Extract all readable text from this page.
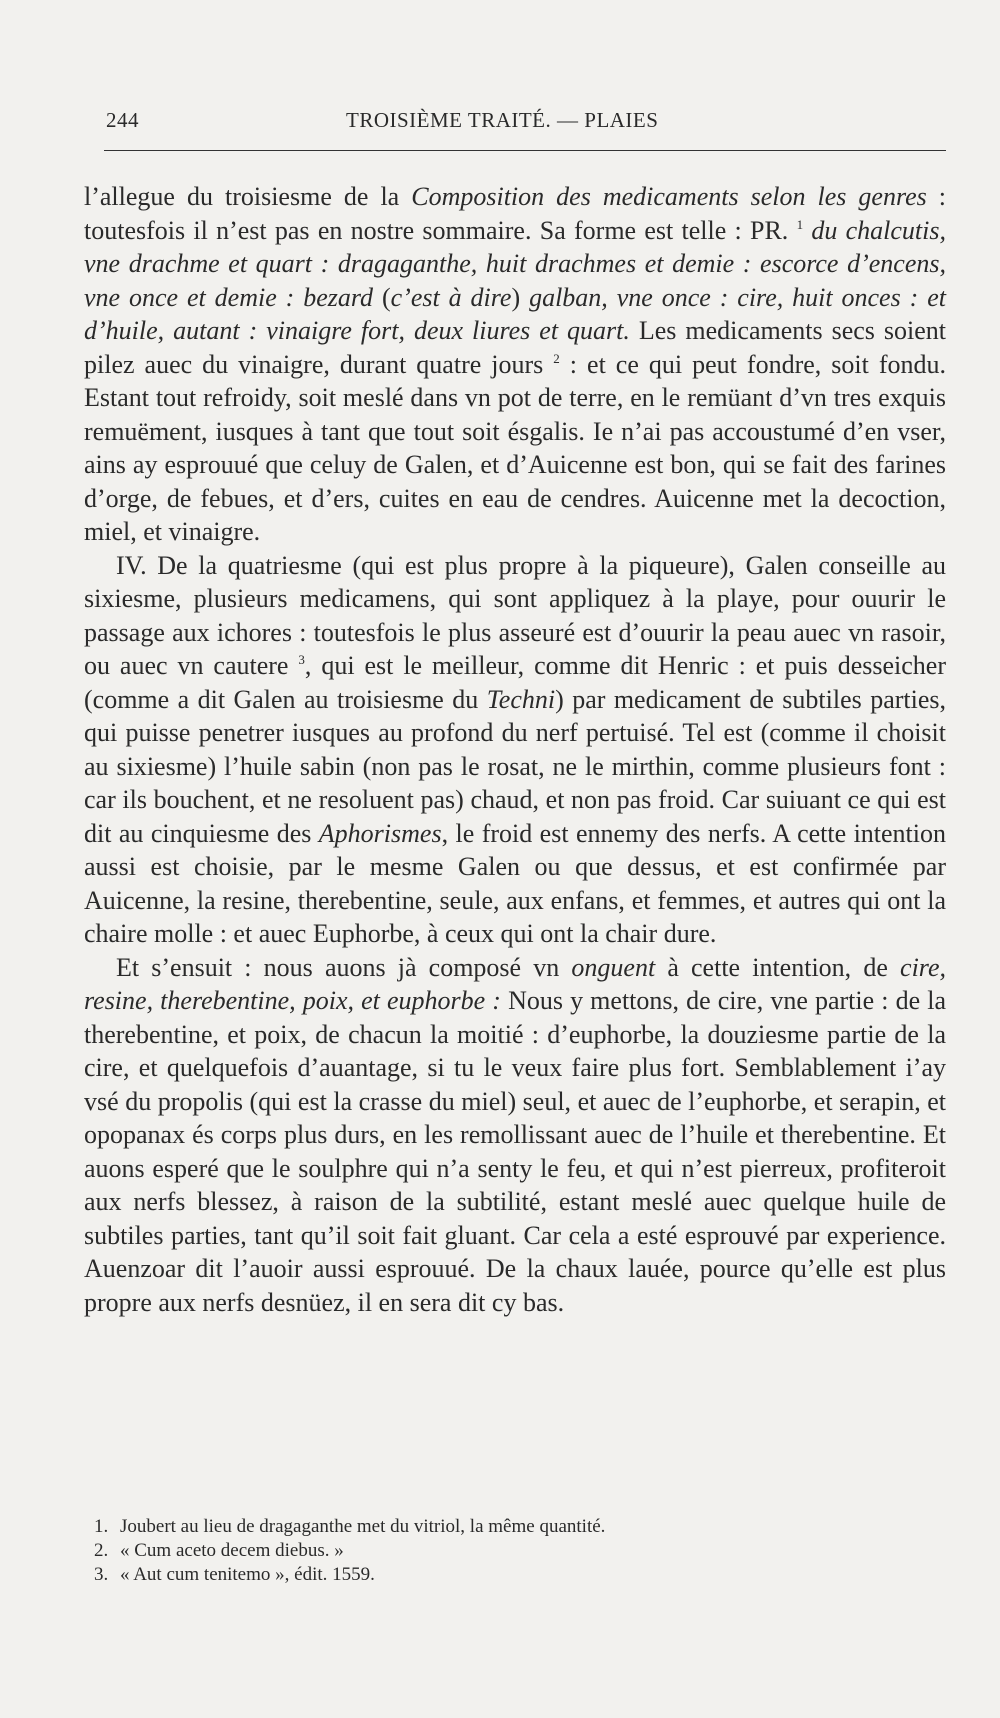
244	TROISIÈME TRAITÉ. — PLAIES

l’allegue du troisiesme de la Composition des medicaments selon les genres : toutesfois il n’est pas en nostre sommaire. Sa forme est telle : PR. $^1$ du chalcutis, vne drachme et quart : dragaganthe, huit drachmes et demie : escorce d’encens, vne once et demie : bezard (c’est à dire) galban, vne once : cire, huit onces : et d’huile, autant : vinaigre fort, deux liures et quart. Les medicaments secs soient pilez auec du vinaigre, durant quatre jours $^2$ : et ce qui peut fondre, soit fondu. Estant tout refroidy, soit meslé dans vn pot de terre, en le remüant d’vn tres exquis remuëment, iusques à tant que tout soit ésgalis. Ie n’ai pas accoustumé d’en vser, ains ay esprouué que celuy de Galen, et d’Auicenne est bon, qui se fait des farines d’orge, de febues, et d’ers, cuites en eau de cendres. Auicenne met la decoction, miel, et vinaigre.

IV. De la quatriesme (qui est plus propre à la piqueure), Galen conseille au sixiesme, plusieurs medicamens, qui sont appliquez à la playe, pour ouurir le passage aux ichores : toutesfois le plus asseuré est d’ouurir la peau auec vn rasoir, ou auec vn cautere $^3$, qui est le meilleur, comme dit Henric : et puis desseicher (comme a dit Galen au troisiesme du Techni) par medicament de subtiles parties, qui puisse penetrer iusques au profond du nerf pertuisé. Tel est (comme il choisit au sixiesme) l’huile sabin (non pas le rosat, ne le mirthin, comme plusieurs font : car ils bouchent, et ne resoluent pas) chaud, et non pas froid. Car suiuant ce qui est dit au cinquiesme des Aphorismes, le froid est ennemy des nerfs. A cette intention aussi est choisie, par le mesme Galen ou que dessus, et est confirmée par Auicenne, la resine, therebentine, seule, aux enfans, et femmes, et autres qui ont la chaire molle : et auec Euphorbe, à ceux qui ont la chair dure.

Et s’ensuit : nous auons jà composé vn onguent à cette intention, de cire, resine, therebentine, poix, et euphorbe : Nous y mettons, de cire, vne partie : de la therebentine, et poix, de chacun la moitié : d’euphorbe, la douziesme partie de la cire, et quelquefois d’auantage, si tu le veux faire plus fort. Semblablement i’ay vsé du propolis (qui est la crasse du miel) seul, et auec de l’euphorbe, et serapin, et opopanax és corps plus durs, en les remollissant auec de l’huile et therebentine. Et auons esperé que le soulphre qui n’a senty le feu, et qui n’est pierreux, profiteroit aux nerfs blessez, à raison de la subtilité, estant meslé auec quelque huile de subtiles parties, tant qu’il soit fait gluant. Car cela a esté esprouvé par experience. Auenzoar dit l’auoir aussi esprouué. De la chaux lauée, pource qu’elle est plus propre aux nerfs desnüez, il en sera dit cy bas.

1. Joubert au lieu de dragaganthe met du vitriol, la même quantité.
2. « Cum aceto decem diebus. »
3. « Aut cum tenitemo », édit. 1559.
